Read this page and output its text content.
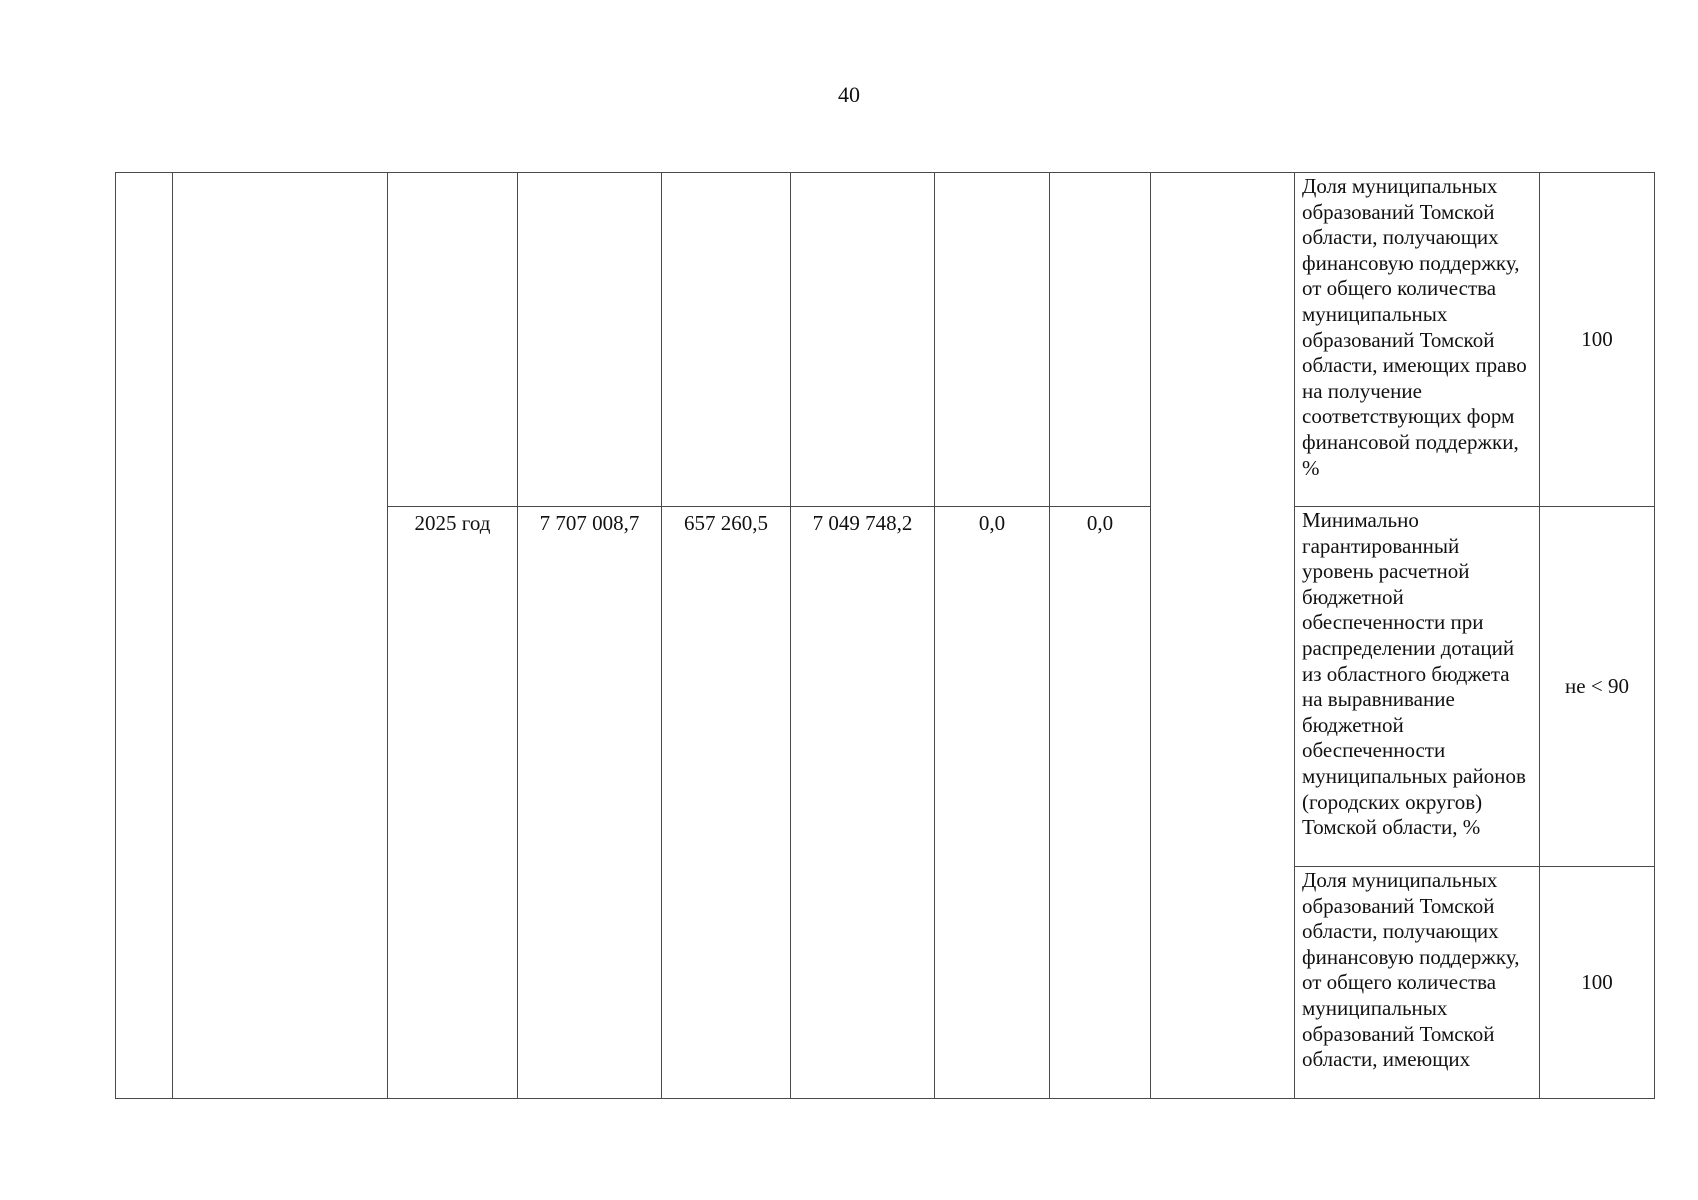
40

									Доля муниципальных образований Томской области, получающих финансовую поддержку, от общего количества муниципальных образований Томской области, имеющих право на получение соответствующих форм финансовой поддержки, %	100
		2025 год	7 707 008,7	657 260,5	7 049 748,2	0,0	0,0		Минимально гарантированный уровень расчетной бюджетной обеспеченности при распределении дотаций из областного бюджета на выравнивание бюджетной обеспеченности муниципальных районов (городских округов) Томской области, %	не < 90

									Доля муниципальных образований Томской области, получающих финансовую поддержку, от общего количества муниципальных образований Томской области, имеющих	100
